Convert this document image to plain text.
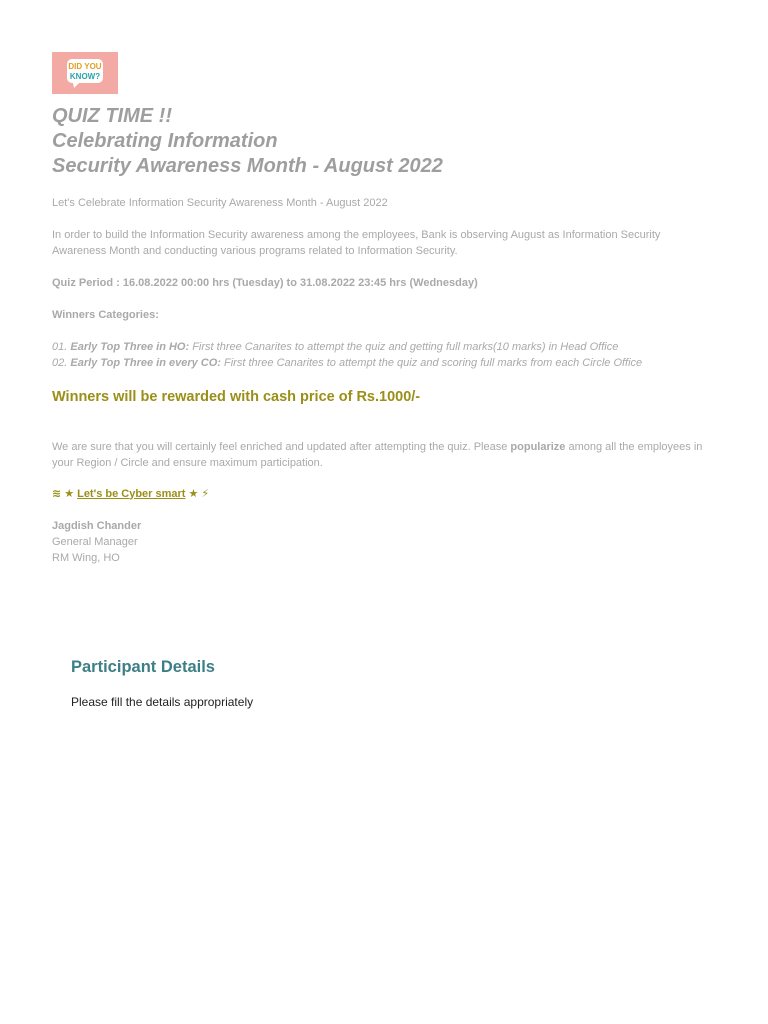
DID YOU
KNOW?
QUIZ TIME !!
Celebrating Information
Security Awareness Month - August 2022

Let's Celebrate Information Security Awareness Month - August 2022

In order to build the Information Security awareness among the employees, Bank is observing August as Information Security Awareness Month and conducting various programs related to Information Security.

Quiz Period : 16.08.2022 00:00 hrs (Tuesday) to 31.08.2022 23:45 hrs (Wednesday)

Winners Categories:

01. Early Top Three in HO: First three Canarites to attempt the quiz and getting full marks(10 marks) in Head Office

02. Early Top Three in every CO: First three Canarites to attempt the quiz and scoring full marks from each Circle Office

Winners will be rewarded with cash price of Rs.1000/-

We are sure that you will certainly feel enriched and updated after attempting the quiz. Please popularize among all the employees in your Region / Circle and ensure maximum participation.

≋ ★ Let's be Cyber smart ★ ⚡

Jagdish Chander

General Manager

RM Wing, HO

Participant Details
Please fill the details appropriately
